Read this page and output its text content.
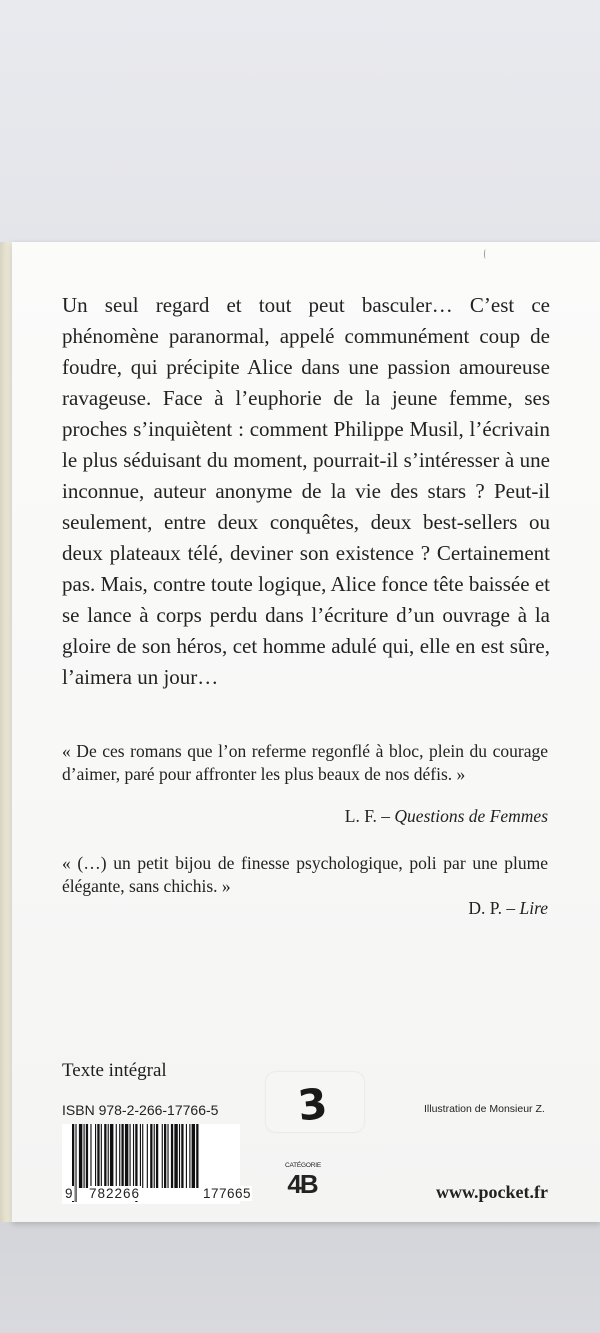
Un seul regard et tout peut basculer… C’est ce phénomène paranormal, appelé communément coup de foudre, qui précipite Alice dans une passion amoureuse ravageuse. Face à l’euphorie de la jeune femme, ses proches s’inquiètent : comment Philippe Musil, l’écrivain le plus séduisant du moment, pourrait-il s’intéresser à une inconnue, auteur anonyme de la vie des stars ? Peut-il seulement, entre deux conquêtes, deux best-sellers ou deux plateaux télé, deviner son existence ? Certainement pas. Mais, contre toute logique, Alice fonce tête baissée et se lance à corps perdu dans l’écriture d’un ouvrage à la gloire de son héros, cet homme adulé qui, elle en est sûre, l’aimera un jour…

« De ces romans que l’on referme regonflé à bloc, plein du courage d’aimer, paré pour affronter les plus beaux de nos défis. »

L. F. – Questions de Femmes

« (…) un petit bijou de finesse psychologique, poli par une plume élégante, sans chichis. »

D. P. – Lire
Texte intégral
ISBN 978-2-266-17766-5 3	Illustration de Monsieur Z.
9 782266	177665
CATÉGORIE
4B	www.pocket.fr
